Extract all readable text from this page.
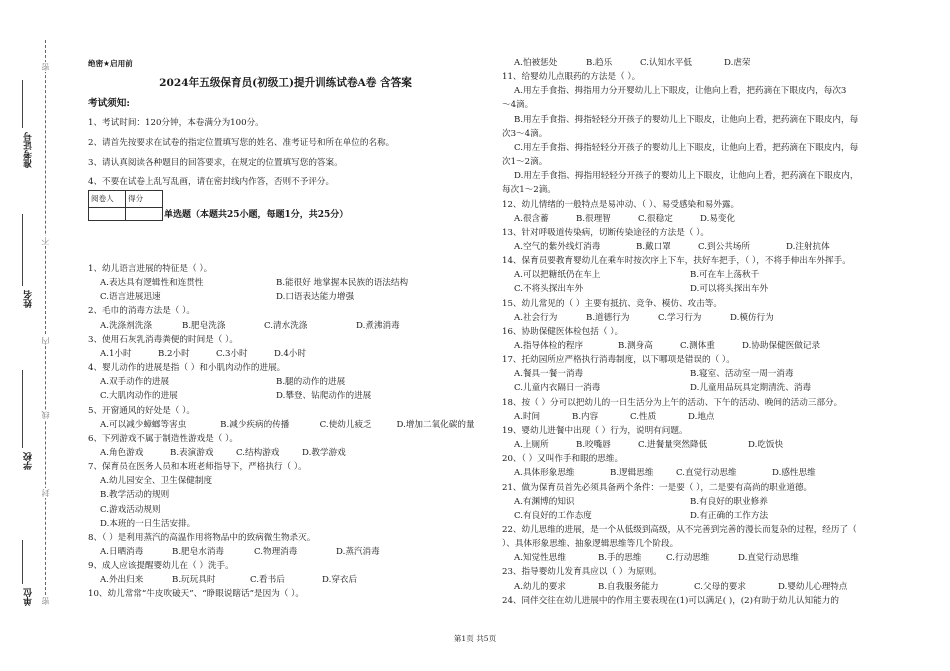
准考证号
姓名
学校
单位
密
不
内
线
封
密
绝密★启用前
2024年五级保育员(初级工)提升训练试卷A卷 含答案
考试须知:
1、考试时间：120分钟，本卷满分为100分。
2、请首先按要求在试卷的指定位置填写您的姓名、准考证号和所在单位的名称。
3、请认真阅读各种题目的回答要求，在规定的位置填写您的答案。
4、不要在试卷上乱写乱画，请在密封线内作答，否则不予评分。
阅卷人	得分

单选题（本题共25小题，每题1分，共25分）
1、幼儿语言进展的特征是（ ）。
A.表达具有逻辑性和连贯性	B.能很好 地掌握本民族的语法结构
C.语言进展迅速	D.口语表达能力增强
2、毛巾的消毒方法是（ ）。
A.洗涤剂洗涤	B.肥皂洗涤	C.清水洗涤	D.煮沸消毒
3、使用石灰乳消毒粪便的时间是（ ）。
A.1小时	B.2小时	C.3小时	D.4小时
4、婴儿动作的进展是指（ ）和小肌肉动作的进展。
A.双手动作的进展	B.腿的动作的进展
C.大肌肉动作的进展	D.攀登、钻爬动作的进展
5、开窗通风的好处是（ ）。
A.可以减少蟑螂等害虫	B.减少疾病的传播	C.使幼儿疲乏	D.增加二氧化碳的量
6、下列游戏不属于制造性游戏是（ ）。
A.角色游戏	B.表演游戏	C.结构游戏	D.教学游戏
7、保育员在医务人员和本班老师指导下，严格执行（ ）。
A.幼儿园安全、卫生保健制度
B.教学活动的规则
C.游戏活动规则
D.本班的一日生活安排。
8、（ ）是利用蒸汽的高温作用将物品中的致病微生物杀灭。
A.日晒消毒	B.肥皂水消毒	C.物理消毒	D.蒸汽消毒
9、成人应该提醒婴幼儿在（ ）洗手。
A.外出归来	B.玩玩具时	C.看书后	D.穿衣后
10、幼儿常常“牛皮吹破天”、“睁眼说瞎话”是因为（ ）。
A.怕被惩处	B.趋乐	C.认知水平低	D.虐荣
11、给婴幼儿点眼药的方法是（ ）。
A.用左手食指、拇指用力分开婴幼儿上下眼皮，让他向上看，把药滴在下眼皮内，每次3
～4滴。
B.用左手食指、拇指轻轻分开孩子的婴幼儿上下眼皮，让他向上看，把药滴在下眼皮内，每
次3～4滴。
C.用左手食指、拇指轻轻分开孩子的婴幼儿上下眼皮，让他向上看，把药滴在下眼皮内，每
次1～2滴。
D.用左手食指、拇指用轻轻分开孩子的婴幼儿上下眼皮，让他向上看，把药滴在下眼皮内，
每次1～2滴。
12、幼儿情绪的一般特点是易冲动、（ ）、易受感染和易外露。
A.很含蓄	B.很理智	C.很稳定	D.易变化
13、针对呼吸道传染病，切断传染途径的方法是（ ）。
A.空气的紫外线灯消毒	B.戴口罩	C.到公共场所	D.注射抗体
14、保育员要教育婴幼儿在乘车时按次序上下车，扶好车把手，（ ），不将手伸出车外挥手。
A.可以把糖纸仍在车上	B.可在车上荡秋千
C.不将头探出车外	D.可以将头探出车外
15、幼儿常见的（ ）主要有抵抗、竞争、模仿、攻击等。
A.社会行为	B.道德行为	C.学习行为	D.模仿行为
16、协助保健医体检包括（ ）。
A.指导体检的程序	B.测身高	C.测体重	D.协助保健医做记录
17、托幼园所应严格执行消毒制度，以下哪项是错误的（ ）。
A.餐具一餐一消毒	B.寝室、活动室一周一消毒
C.儿童内衣隔日一消毒	D.儿童用品玩具定期清洗、消毒
18、按（ ）分可以把幼儿的一日生活分为上午的活动、下午的活动、晚间的活动三部分。
A.时间	B.内容	C.性质	D.地点
19、婴幼儿进餐中出现（ ）行为，说明有问题。
A.上厕所	B.咬嘴唇	C.进餐量突然降低	D.吃饭快
20、（ ）又叫作手和眼的思维。
A.具体形象思维	B.逻辑思维	C.直觉行动思维	D.感性思维
21、做为保育员首先必须具备两个条件：一是要（ ），二是要有高尚的职业道德。
A.有渊博的知识	B.有良好的职业修养
C.有良好的工作态度	D.有正确的工作方法
22、幼儿思维的进展，是一个从低级到高级，从不完善到完善的漫长而复杂的过程，经历了（
）、具体形象思维、抽象逻辑思维等几个阶段。
A.知觉性思维	B.手的思维	C.行动思维	D.直觉行动思维
23、指导婴幼儿发育具应以（ ）为原则。
A.幼儿的要求	B.自我服务能力	C.父母的要求	D.婴幼儿心理特点
24、同伴交往在幼儿进展中的作用主要表现在(1)可以满足( )，(2)有助于幼儿认知能力的
第1页 共5页
